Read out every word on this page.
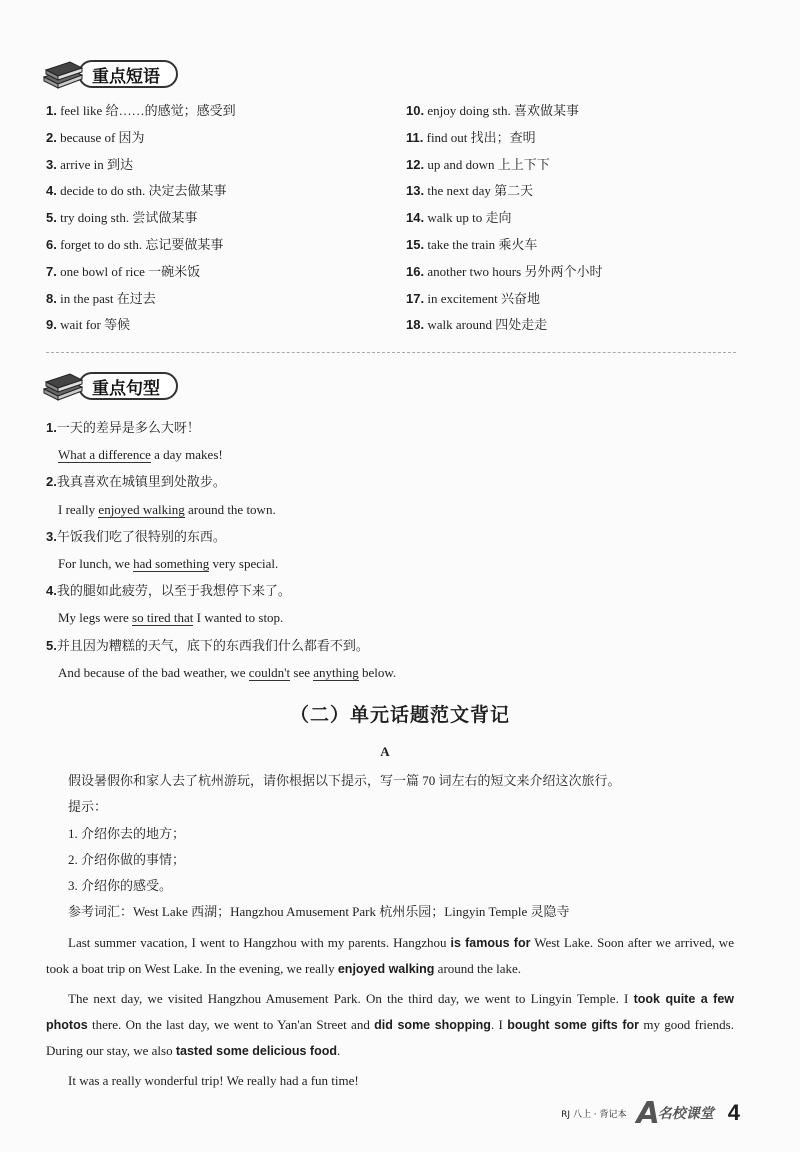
重点短语
1. feel like 给……的感觉；感受到
2. because of 因为
3. arrive in 到达
4. decide to do sth. 决定去做某事
5. try doing sth. 尝试做某事
6. forget to do sth. 忘记要做某事
7. one bowl of rice 一碗米饭
8. in the past 在过去
9. wait for 等候
10. enjoy doing sth. 喜欢做某事
11. find out 找出；查明
12. up and down 上上下下
13. the next day 第二天
14. walk up to 走向
15. take the train 乘火车
16. another two hours 另外两个小时
17. in excitement 兴奋地
18. walk around 四处走走
重点句型
1.一天的差异是多么大呀！
What a difference a day makes!
2.我真喜欢在城镇里到处散步。
I really enjoyed walking around the town.
3.午饭我们吃了很特别的东西。
For lunch, we had something very special.
4.我的腿如此疲劳，以至于我想停下来了。
My legs were so tired that I wanted to stop.
5.并且因为糟糕的天气，底下的东西我们什么都看不到。
And because of the bad weather, we couldn't see anything below.
（二）单元话题范文背记
A
假设暑假你和家人去了杭州游玩，请你根据以下提示，写一篇 70 词左右的短文来介绍这次旅行。
提示：
1. 介绍你去的地方；
2. 介绍你做的事情；
3. 介绍你的感受。
参考词汇：West Lake 西湖；Hangzhou Amusement Park 杭州乐园；Lingyin Temple 灵隐寺

Last summer vacation, I went to Hangzhou with my parents. Hangzhou is famous for West Lake. Soon after we arrived, we took a boat trip on West Lake. In the evening, we really enjoyed walking around the lake.

The next day, we visited Hangzhou Amusement Park. On the third day, we went to Lingyin Temple. I took quite a few photos there. On the last day, we went to Yan'an Street and did some shopping. I bought some gifts for my good friends. During our stay, we also tasted some delicious food.

It was a really wonderful trip! We really had a fun time!

RJ 八上 · 背记本 A
名校课堂 4
